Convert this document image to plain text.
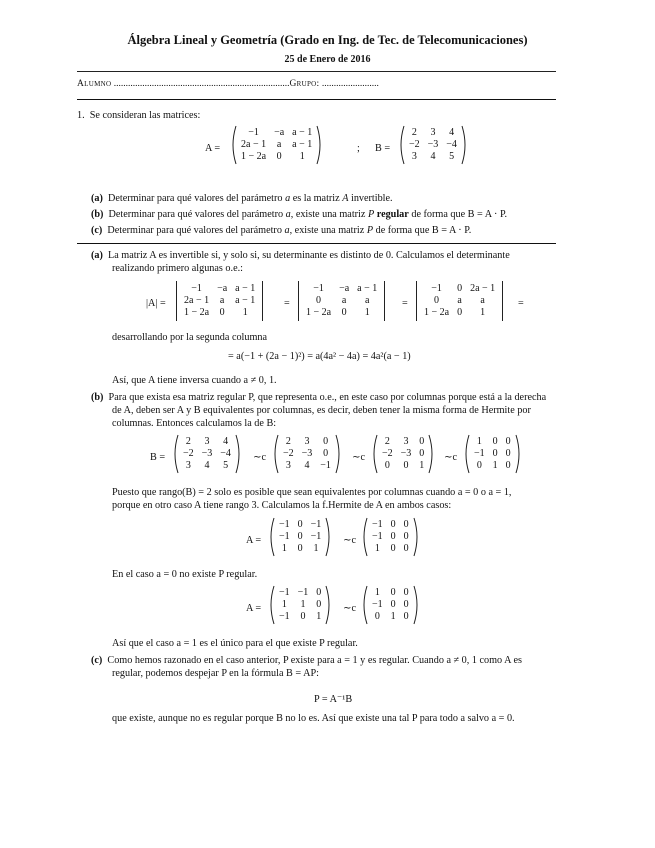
Álgebra Lineal y Geometría (Grado en Ing. de Tec. de Telecomunicaciones)
25 de Enero de 2016
Alumno ..........................................................................Grupo: ........................
1. Se consideran las matrices:
A =
−1	−a	a − 1
2a − 1	a	a − 1
1 − 2a	0	1
; B =
2	3	4
−2	−3	−4
3	4	5
(a) Determinar para qué valores del parámetro a es la matriz A invertible.
(b) Determinar para qué valores del parámetro a, existe una matriz P regular de forma que B = A · P.
(c) Determinar para qué valores del parámetro a, existe una matriz P de forma que B = A · P.
(a) La matriz A es invertible si, y solo si, su determinante es distinto de 0. Calculamos el determinante
realizando primero algunas o.e.:
|A| =
−1	−a	a − 1
2a − 1	a	a − 1
1 − 2a	0	1
=
−1	−a	a − 1
0	a	a
1 − 2a	0	1
=
−1	0	2a − 1
0	a	a
1 − 2a	0	1
=
desarrollando por la segunda columna
= a(−1 + (2a − 1)²) = a(4a² − 4a) = 4a²(a − 1)
Así, que A tiene inversa cuando a ≠ 0, 1.
(b) Para que exista esa matriz regular P, que representa o.e., en este caso por columnas porque está a la derecha
de A, deben ser A y B equivalentes por columnas, es decir, deben tener la misma forma de Hermite por
columnas. Entonces calculamos la de B:
B =
2	3	4
−2	−3	−4
3	4	5
∼c
2	3	0
−2	−3	0
3	4	−1
∼c
2	3	0
−2	−3	0
0	0	1
∼c
1	0	0
−1	0	0
0	1	0
Puesto que rango(B) = 2 solo es posible que sean equivalentes por columnas cuando a = 0 o a = 1,
porque en otro caso A tiene rango 3. Calculamos la f.Hermite de A en ambos casos:
A =
−1	0	−1
−1	0	−1
1	0	1
∼c
−1	0	0
−1	0	0
1	0	0
En el caso a = 0 no existe P regular.
A =
−1	−1	0
1	1	0
−1	0	1
∼c
1	0	0
−1	0	0
0	1	0
Así que el caso a = 1 es el único para el que existe P regular.
(c) Como hemos razonado en el caso anterior, P existe para a = 1 y es regular. Cuando a ≠ 0, 1 como A es
regular, podemos despejar P en la fórmula B = AP:
P = A⁻¹B
que existe, aunque no es regular porque B no lo es. Así que existe una tal P para todo a salvo a = 0.
